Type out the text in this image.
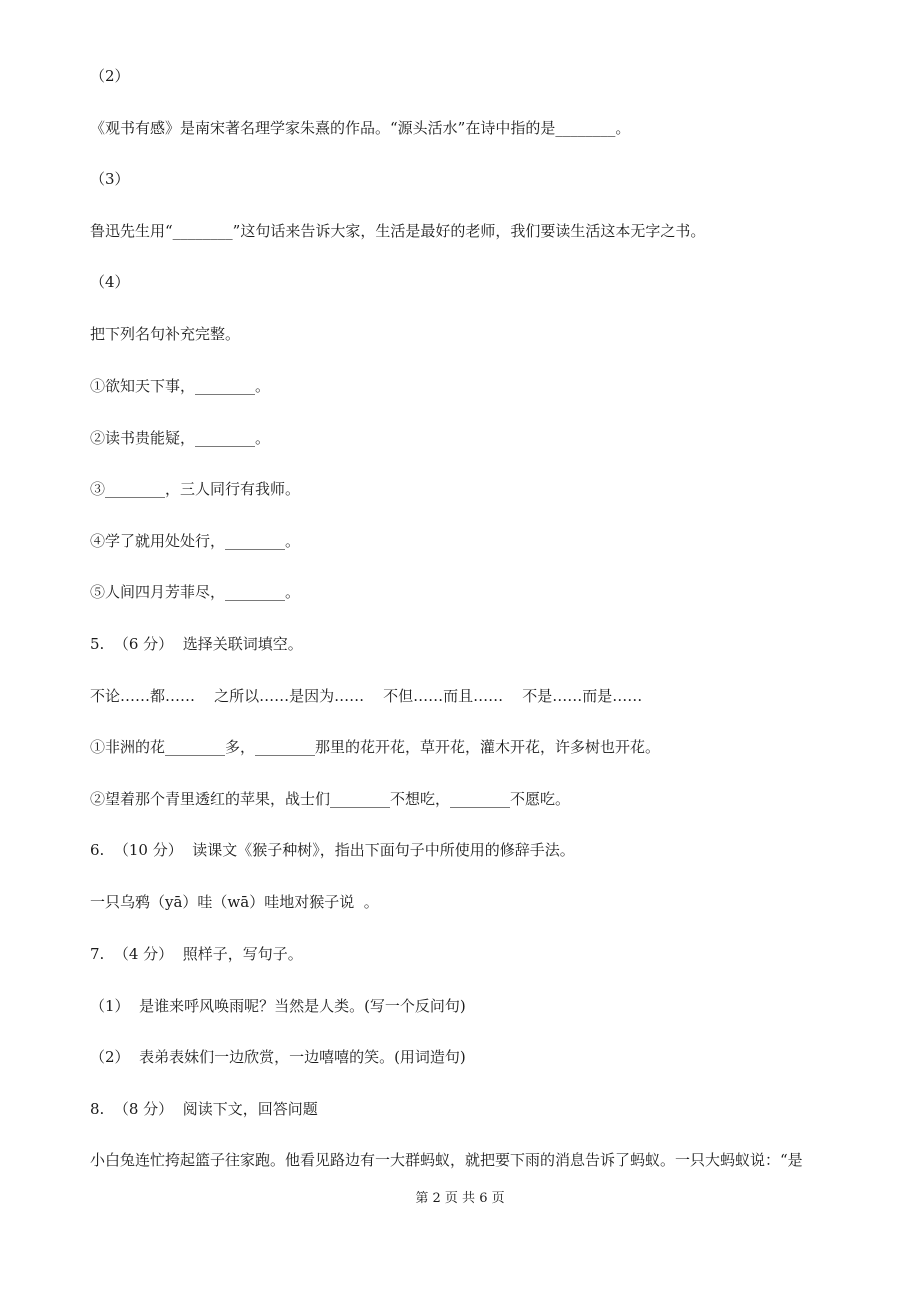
（2）
《观书有感》是南宋著名理学家朱熹的作品。“源头活水”在诗中指的是________。
（3）
鲁迅先生用“________”这句话来告诉大家，生活是最好的老师，我们要读生活这本无字之书。
（4）
把下列名句补充完整。
①欲知天下事，________。
②读书贵能疑，________。
③________，三人同行有我师。
④学了就用处处行，________。
⑤人间四月芳菲尽，________。
5.  （6 分）  选择关联词填空。
不论……都……    之所以……是因为……    不但……而且……    不是……而是……
①非洲的花________多，________那里的花开花，草开花，灌木开花，许多树也开花。
②望着那个青里透红的苹果，战士们________不想吃，________不愿吃。
6.  （10 分）  读课文《猴子种树》，指出下面句子中所使用的修辞手法。
一只乌鸦（yā）哇（wā）哇地对猴子说  。
7.  （4 分）  照样子，写句子。
（1）  是谁来呼风唤雨呢？当然是人类。(写一个反问句)
（2）  表弟表妹们一边欣赏，一边嘻嘻的笑。(用词造句)
8.  （8 分）  阅读下文，回答问题
小白兔连忙挎起篮子往家跑。他看见路边有一大群蚂蚁，就把要下雨的消息告诉了蚂蚁。一只大蚂蚁说：“是
第 2 页 共 6 页
